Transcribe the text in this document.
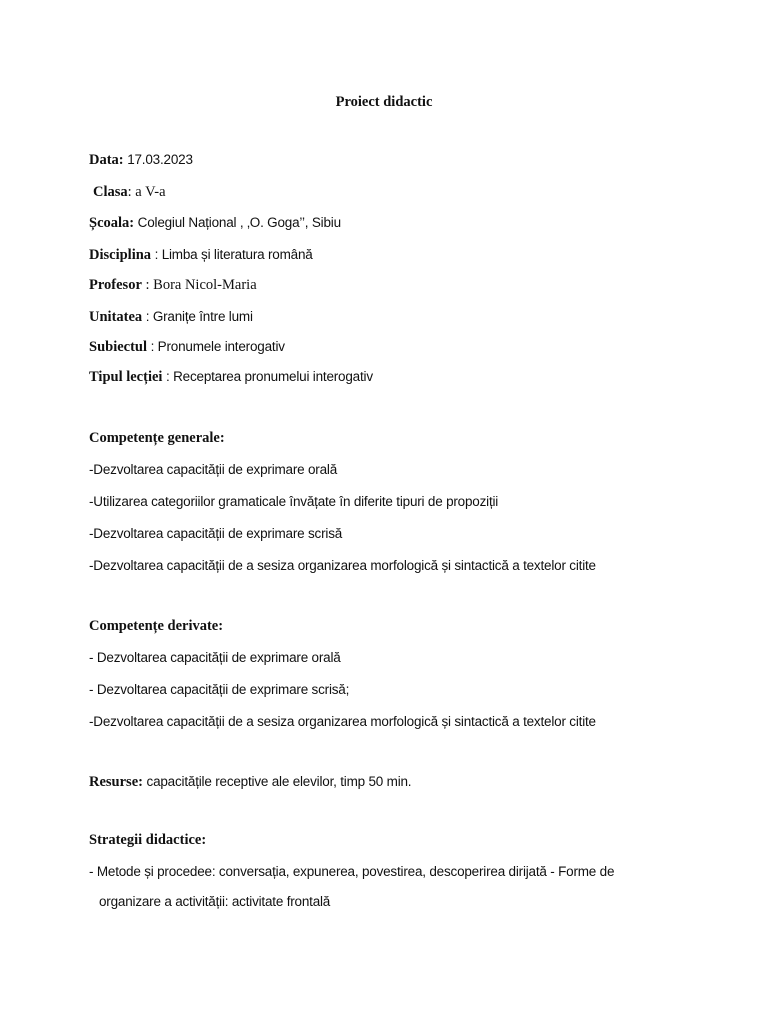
Proiect didactic
Data: 17.03.2023
Clasa: a V-a
Școala: Colegiul Național , ‚O. Goga’’, Sibiu
Disciplina : Limba și literatura română
Profesor : Bora Nicol-Maria
Unitatea : Granițe între lumi
Subiectul : Pronumele interogativ
Tipul lecției : Receptarea pronumelui interogativ
Competențe generale:
-Dezvoltarea capacității de exprimare orală
-Utilizarea categoriilor gramaticale învățate în diferite tipuri de propoziții
-Dezvoltarea capacității de exprimare scrisă
-Dezvoltarea capacității de a sesiza organizarea morfologică și sintactică a textelor citite
Competențe derivate:
- Dezvoltarea capacității de exprimare orală
- Dezvoltarea capacității de exprimare scrisă;
-Dezvoltarea capacității de a sesiza organizarea morfologică și sintactică a textelor citite
Resurse: capacitățile receptive ale elevilor, timp 50 min.
Strategii didactice:
- Metode și procedee: conversația, expunerea, povestirea, descoperirea dirijată - Forme de
organizare a activității: activitate frontală
